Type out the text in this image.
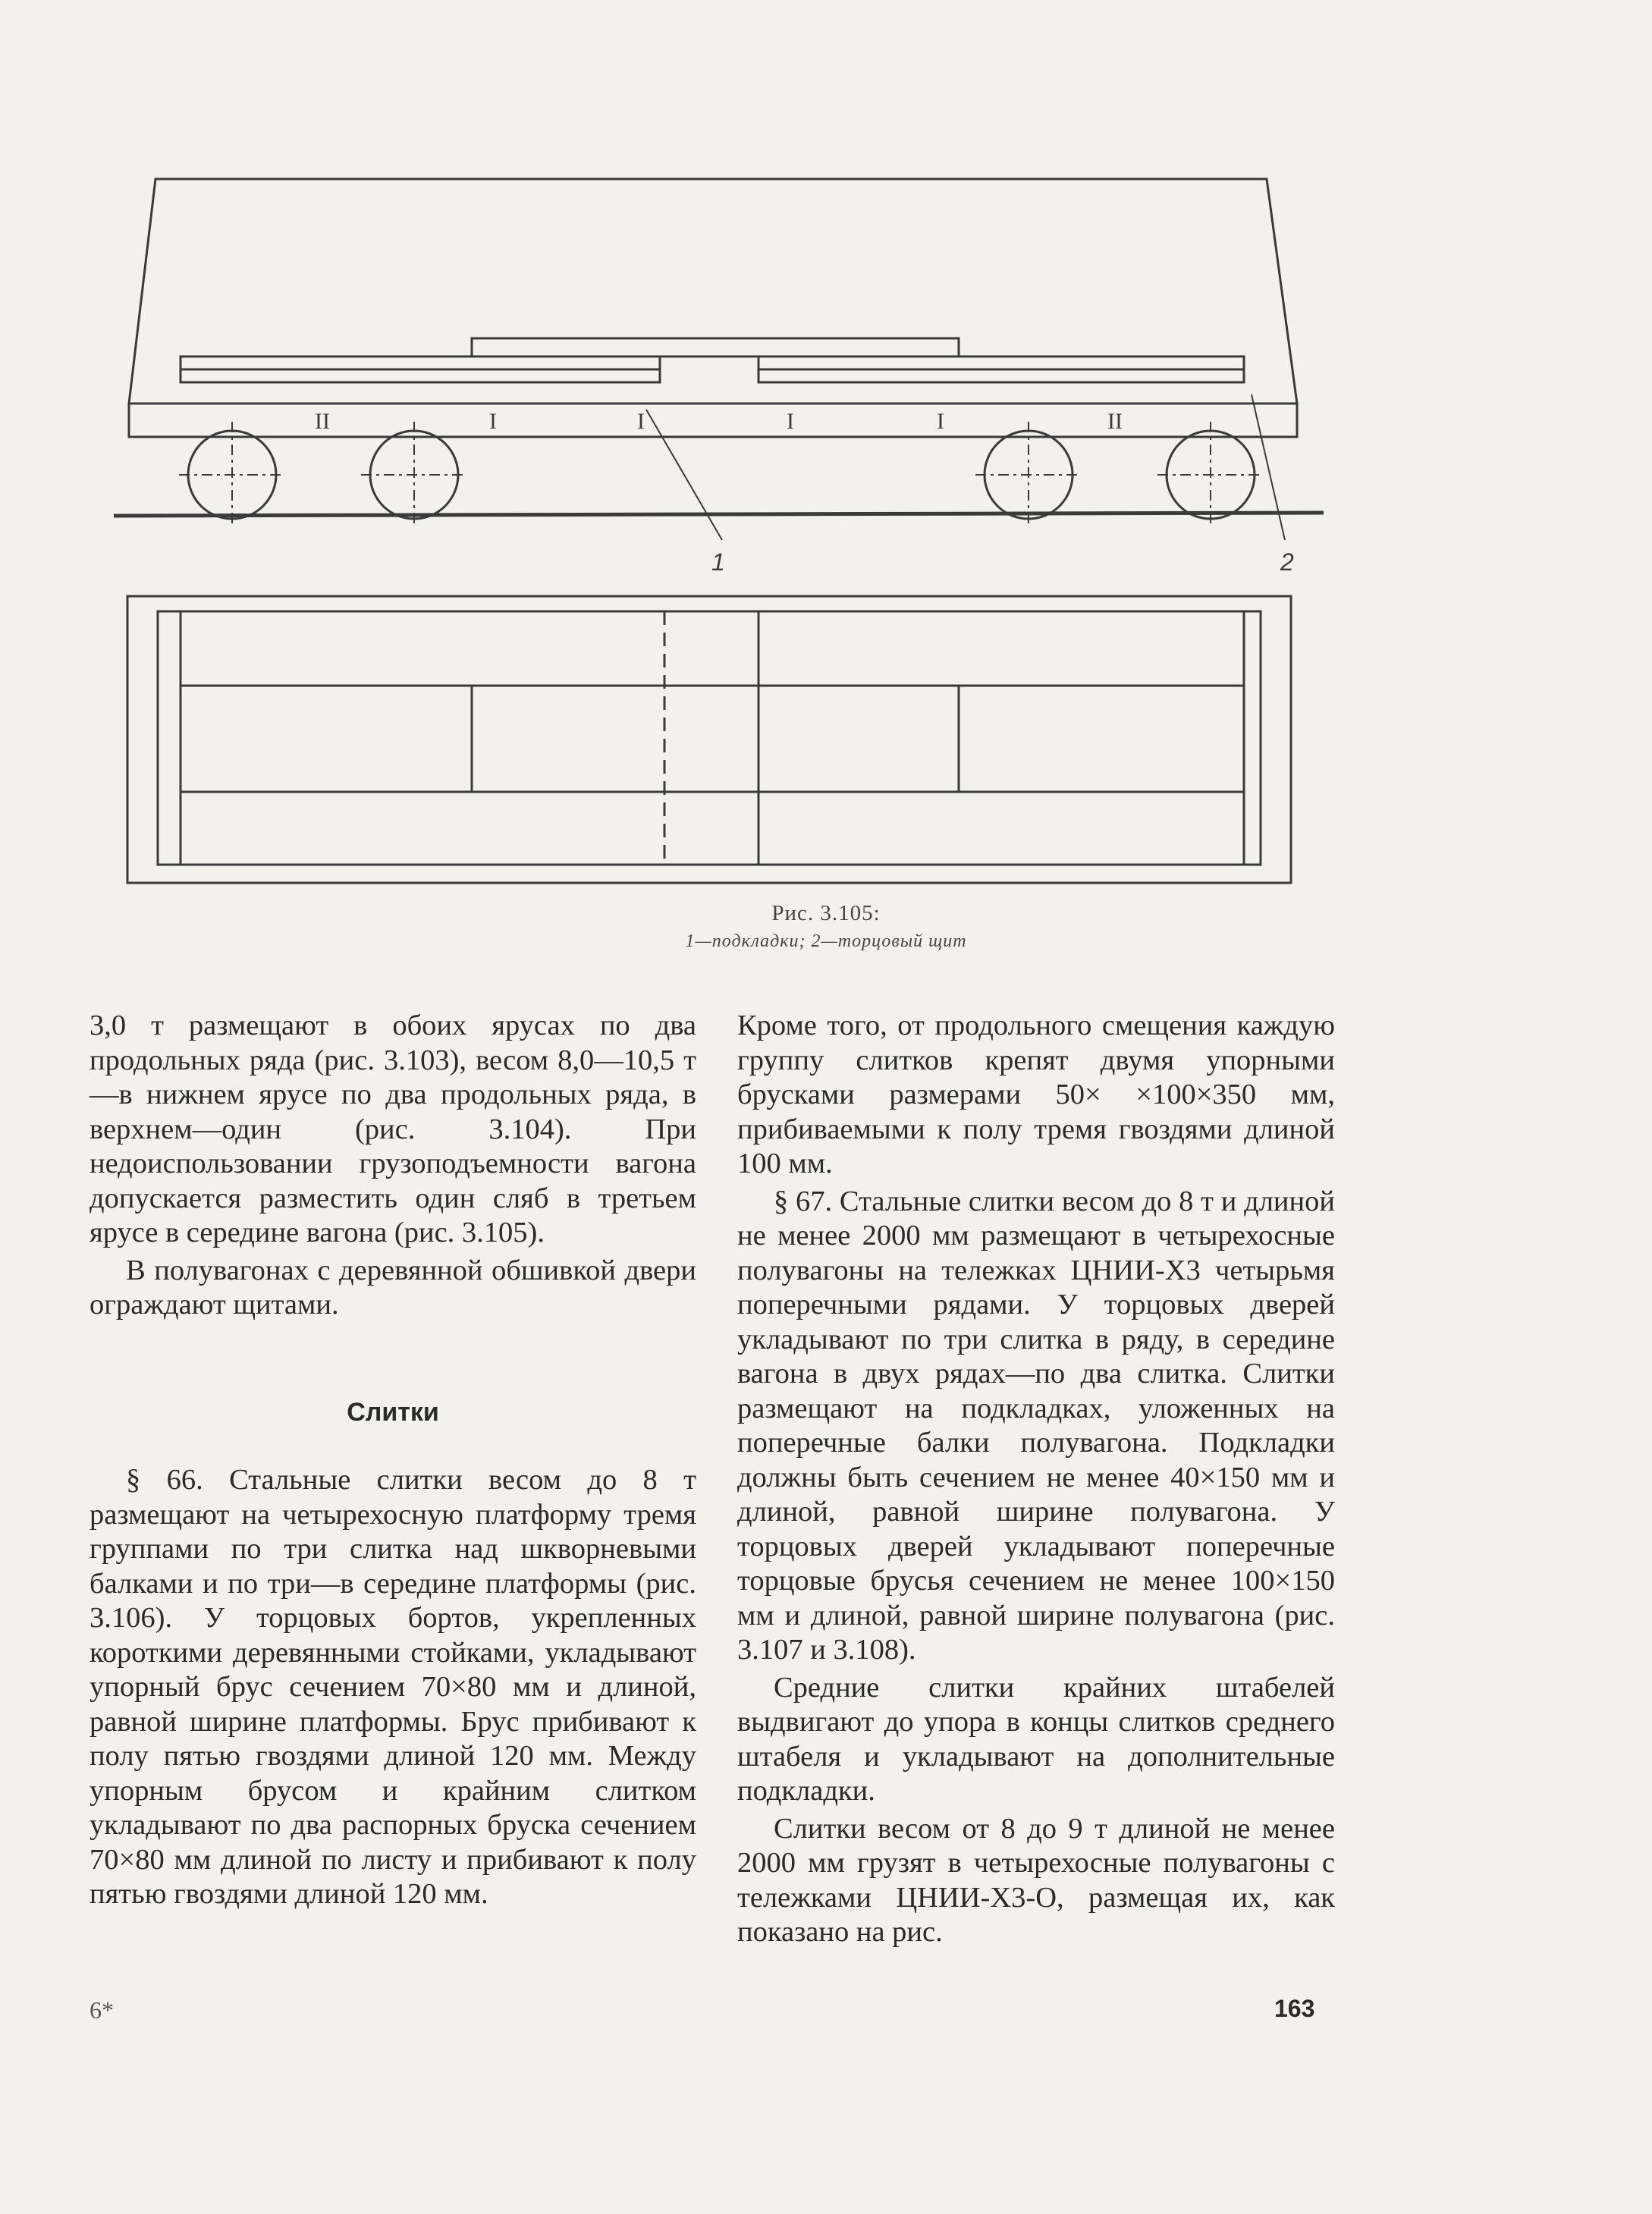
II	I	I	I	I	II
1	2
Рис. 3.105:
1—подкладки; 2—торцовый щит

3,0 т размещают в обоих ярусах по два продольных ряда (рис. 3.103), весом 8,0—10,5 т—в нижнем ярусе по два продольных ряда, в верхнем—один (рис. 3.104). При недоиспользовании грузоподъемности вагона допускается разместить один сляб в третьем ярусе в середине вагона (рис. 3.105).

В полувагонах с деревянной обшивкой двери ограждают щитами.

Слитки

§ 66. Стальные слитки весом до 8 т размещают на четырехосную платформу тремя группами по три слитка над шкворневыми балками и по три—в середине платформы (рис. 3.106). У торцовых бортов, укрепленных короткими деревянными стойками, укладывают упорный брус сечением 70×80 мм и длиной, равной ширине платформы. Брус прибивают к полу пятью гвоздями длиной 120 мм. Между упорным брусом и крайним слитком укладывают по два распорных бруска сечением 70×80 мм длиной по листу и прибивают к полу пятью гвоздями длиной 120 мм.

Кроме того, от продольного смещения каждую группу слитков крепят двумя упорными брусками размерами 50× ×100×350 мм, прибиваемыми к полу тремя гвоздями длиной 100 мм.

§ 67. Стальные слитки весом до 8 т и длиной не менее 2000 мм размещают в четырехосные полувагоны на тележках ЦНИИ-Х3 четырьмя поперечными рядами. У торцовых дверей укладывают по три слитка в ряду, в середине вагона в двух рядах—по два слитка. Слитки размещают на подкладках, уложенных на поперечные балки полувагона. Подкладки должны быть сечением не менее 40×150 мм и длиной, равной ширине полувагона. У торцовых дверей укладывают поперечные торцовые брусья сечением не менее 100×150 мм и длиной, равной ширине полувагона (рис. 3.107 и 3.108).

Средние слитки крайних штабелей выдвигают до упора в концы слитков среднего штабеля и укладывают на дополнительные подкладки.

Слитки весом от 8 до 9 т длиной не менее 2000 мм грузят в четырехосные полувагоны с тележками ЦНИИ-Х3-О, размещая их, как показано на рис.

6*	163
